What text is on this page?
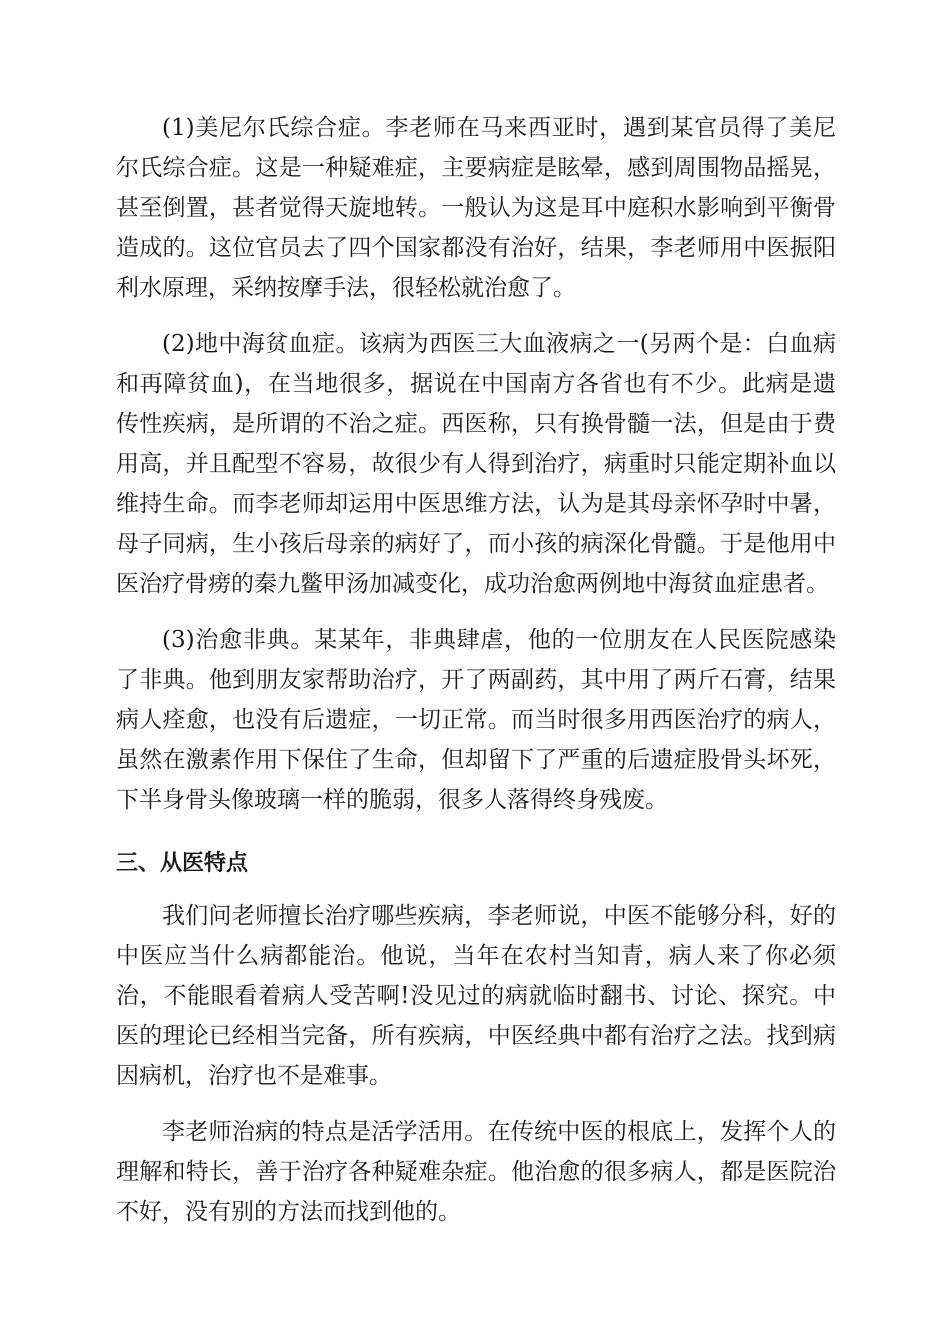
(1)美尼尔氏综合症。李老师在马来西亚时，遇到某官员得了美尼尔氏综合症。这是一种疑难症，主要病症是眩晕，感到周围物品摇晃，甚至倒置，甚者觉得天旋地转。一般认为这是耳中庭积水影响到平衡骨造成的。这位官员去了四个国家都没有治好，结果，李老师用中医振阳利水原理，采纳按摩手法，很轻松就治愈了。

(2)地中海贫血症。该病为西医三大血液病之一(另两个是：白血病和再障贫血)，在当地很多，据说在中国南方各省也有不少。此病是遗传性疾病，是所谓的不治之症。西医称，只有换骨髓一法，但是由于费用高，并且配型不容易，故很少有人得到治疗，病重时只能定期补血以维持生命。而李老师却运用中医思维方法，认为是其母亲怀孕时中暑，母子同病，生小孩后母亲的病好了，而小孩的病深化骨髓。于是他用中医治疗骨痨的秦九鳖甲汤加减变化，成功治愈两例地中海贫血症患者。

(3)治愈非典。某某年，非典肆虐，他的一位朋友在人民医院感染了非典。他到朋友家帮助治疗，开了两副药，其中用了两斤石膏，结果病人痊愈，也没有后遗症，一切正常。而当时很多用西医治疗的病人，虽然在激素作用下保住了生命，但却留下了严重的后遗症股骨头坏死，下半身骨头像玻璃一样的脆弱，很多人落得终身残废。

三、从医特点

我们问老师擅长治疗哪些疾病，李老师说，中医不能够分科，好的中医应当什么病都能治。他说，当年在农村当知青，病人来了你必须治，不能眼看着病人受苦啊!没见过的病就临时翻书、讨论、探究。中医的理论已经相当完备，所有疾病，中医经典中都有治疗之法。找到病因病机，治疗也不是难事。

李老师治病的特点是活学活用。在传统中医的根底上，发挥个人的理解和特长，善于治疗各种疑难杂症。他治愈的很多病人，都是医院治不好，没有别的方法而找到他的。
